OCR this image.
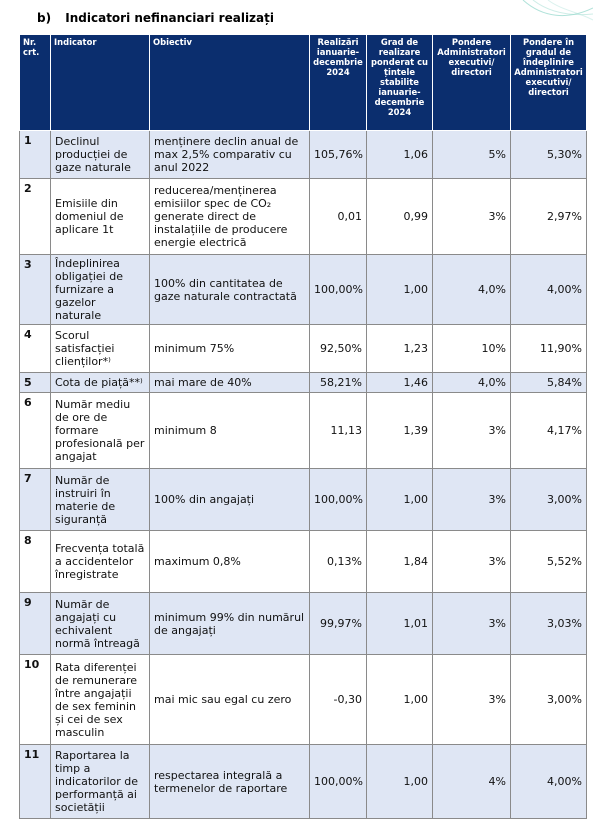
b) Indicatori nefinanciari realizați
Nr. crt.	Indicator	Obiectiv	Realizări ianuarie-decembrie 2024	Grad de realizare ponderat cu țintele stabilite ianuarie-decembrie 2024	Pondere Administratori executivi/ directori	Pondere în gradul de îndeplinire Administratori executivi/ directori
1	Declinul producției de gaze naturale	menținere declin anual de max 2,5% comparativ cu anul 2022	105,76%	1,06	5%	5,30%
2	Emisiile din domeniul de aplicare 1t	reducerea/menținerea emisiilor spec de CO₂ generate direct de instalațiile de producere energie electrică	0,01	0,99	3%	2,97%
3	Îndeplinirea obligației de furnizare a gazelor naturale	100% din cantitatea de gaze naturale contractată	100,00%	1,00	4,0%	4,00%
4	Scorul satisfacției clienților*⁾	minimum 75%	92,50%	1,23	10%	11,90%
5	Cota de piață**⁾	mai mare de 40%	58,21%	1,46	4,0%	5,84%
6	Număr mediu de ore de formare profesională per angajat	minimum 8	11,13	1,39	3%	4,17%
7	Număr de instruiri în materie de siguranță	100% din angajați	100,00%	1,00	3%	3,00%
8	Frecvența totală a accidentelor înregistrate	maximum 0,8%	0,13%	1,84	3%	5,52%
9	Număr de angajați cu echivalent normă întreagă	minimum 99% din numărul de angajați	99,97%	1,01	3%	3,03%
10	Rata diferenței de remunerare între angajații de sex feminin și cei de sex masculin	mai mic sau egal cu zero	-0,30	1,00	3%	3,00%
11	Raportarea la timp a indicatorilor de performanță ai societății	respectarea integrală a termenelor de raportare	100,00%	1,00	4%	4,00%
